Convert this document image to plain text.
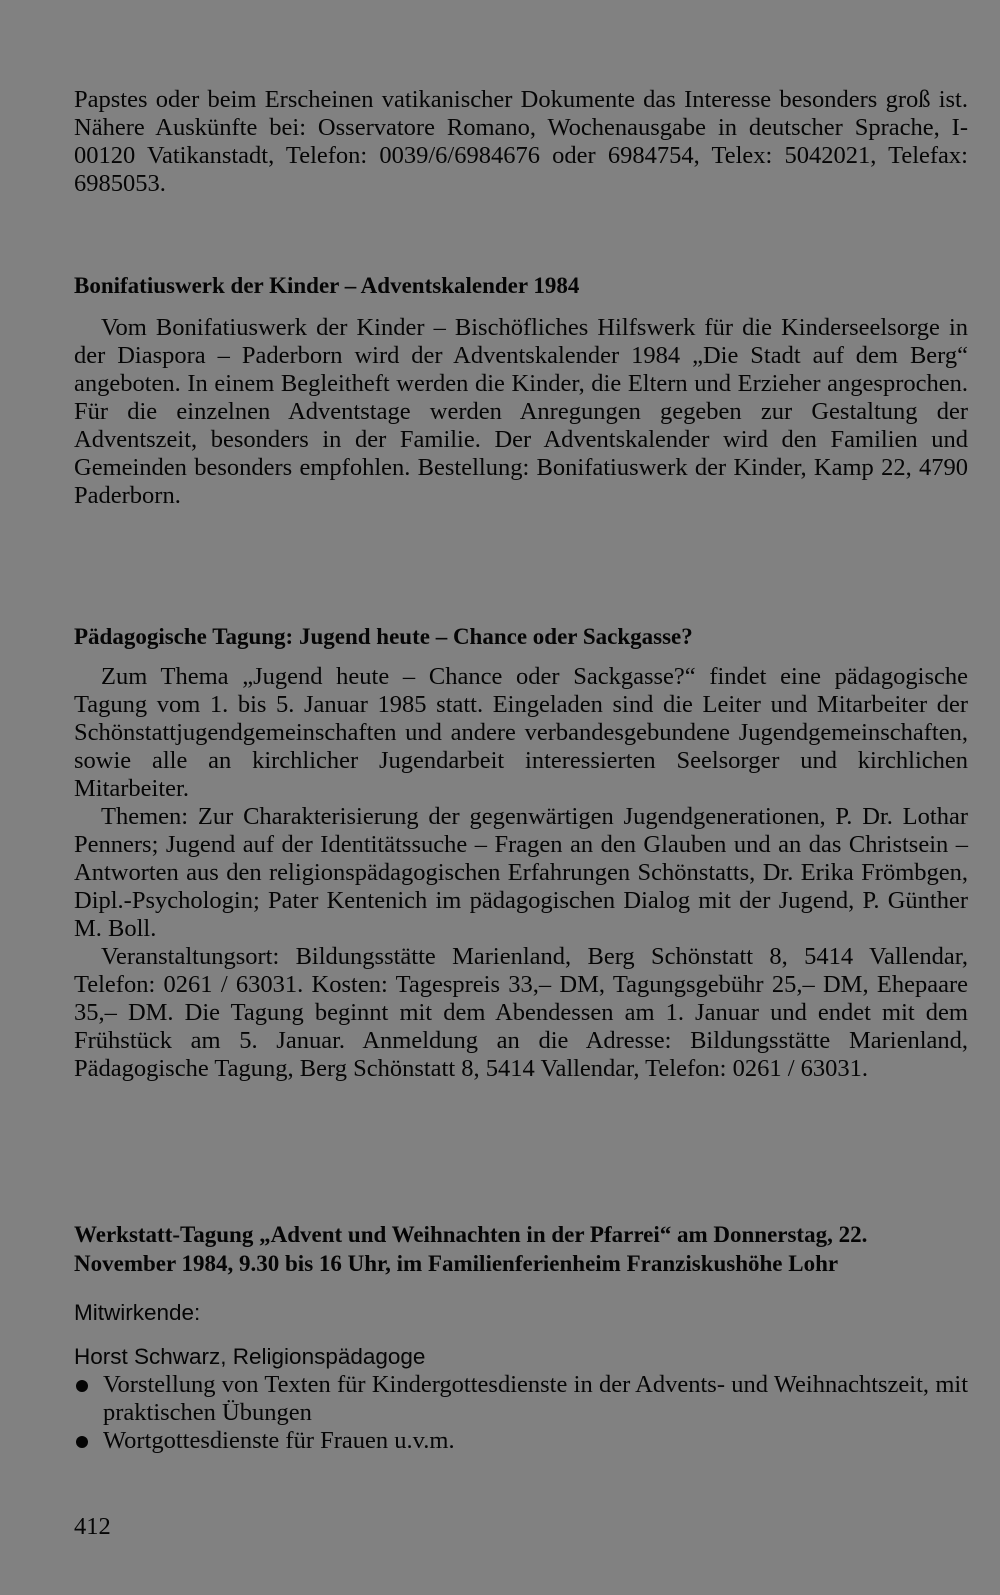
Papstes oder beim Erscheinen vatikanischer Dokumente das Interesse besonders groß ist. Nähere Auskünfte bei: Osservatore Romano, Wochenausgabe in deutscher Sprache, I-00120 Vatikanstadt, Telefon: 0039/6/6984676 oder 6984754, Telex: 5042021, Telefax: 6985053.

Bonifatiuswerk der Kinder – Adventskalender 1984

Vom Bonifatiuswerk der Kinder – Bischöfliches Hilfswerk für die Kinderseelsorge in der Diaspora – Paderborn wird der Adventskalender 1984 „Die Stadt auf dem Berg“ angeboten. In einem Begleitheft werden die Kinder, die Eltern und Erzieher angesprochen. Für die einzelnen Adventstage werden Anregungen gegeben zur Gestaltung der Adventszeit, besonders in der Familie. Der Adventskalender wird den Familien und Gemeinden besonders empfohlen. Bestellung: Bonifatiuswerk der Kinder, Kamp 22, 4790 Paderborn.

Pädagogische Tagung: Jugend heute – Chance oder Sackgasse?

Zum Thema „Jugend heute – Chance oder Sackgasse?“ findet eine pädagogische Tagung vom 1. bis 5. Januar 1985 statt. Eingeladen sind die Leiter und Mitarbeiter der Schönstattjugendgemeinschaften und andere verbandesgebundene Jugendgemeinschaften, sowie alle an kirchlicher Jugendarbeit interessierten Seelsorger und kirchlichen Mitarbeiter.

Themen: Zur Charakterisierung der gegenwärtigen Jugendgenerationen, P. Dr. Lothar Penners; Jugend auf der Identitätssuche – Fragen an den Glauben und an das Christsein – Antworten aus den religionspädagogischen Erfahrungen Schönstatts, Dr. Erika Frömbgen, Dipl.-Psychologin; Pater Kentenich im pädagogischen Dialog mit der Jugend, P. Günther M. Boll.

Veranstaltungsort: Bildungsstätte Marienland, Berg Schönstatt 8, 5414 Vallendar, Telefon: 0261 / 63031. Kosten: Tagespreis 33,– DM, Tagungsgebühr 25,– DM, Ehepaare 35,– DM. Die Tagung beginnt mit dem Abendessen am 1. Januar und endet mit dem Frühstück am 5. Januar. Anmeldung an die Adresse: Bildungsstätte Marienland, Pädagogische Tagung, Berg Schönstatt 8, 5414 Vallendar, Telefon: 0261 / 63031.

Werkstatt-Tagung „Advent und Weihnachten in der Pfarrei“ am Donnerstag, 22. November 1984, 9.30 bis 16 Uhr, im Familienferienheim Franziskushöhe Lohr

Mitwirkende:

Horst Schwarz, Religionspädagoge

Vorstellung von Texten für Kindergottesdienste in der Advents- und Weihnachtszeit, mit praktischen Übungen
Wortgottesdienste für Frauen u.v.m.
412
